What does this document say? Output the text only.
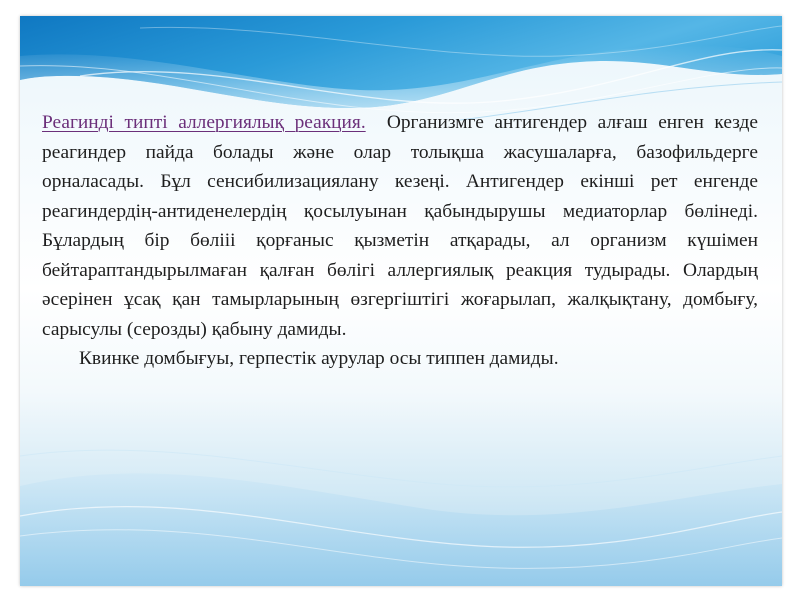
Реагинді типті аллергиялық реакция. Организмге антигендер алғаш енген кезде реагиндер пайда болады және олар толықша жасушаларға, базофильдерге орналасады. Бұл сенсибилизациялану кезеңі. Антигендер екінші рет енгенде реагиндердің-антиденелердің қосылуынан қабындырушы медиаторлар бөлінеді. Бұлардың бір бөліiі қорғаныс қызметін атқарады, ал организм күшімен бейтараптандырылмаған қалған бөлігі аллергиялық реакция тудырады. Олардың әсерінен ұсақ қан тамырларының өзгергіштігі жоғарылап, жалқықтану, домбығу, сарысулы (серозды) қабыну дамиды.

Квинке домбығуы, герпестік аурулар осы типпен дамиды.
